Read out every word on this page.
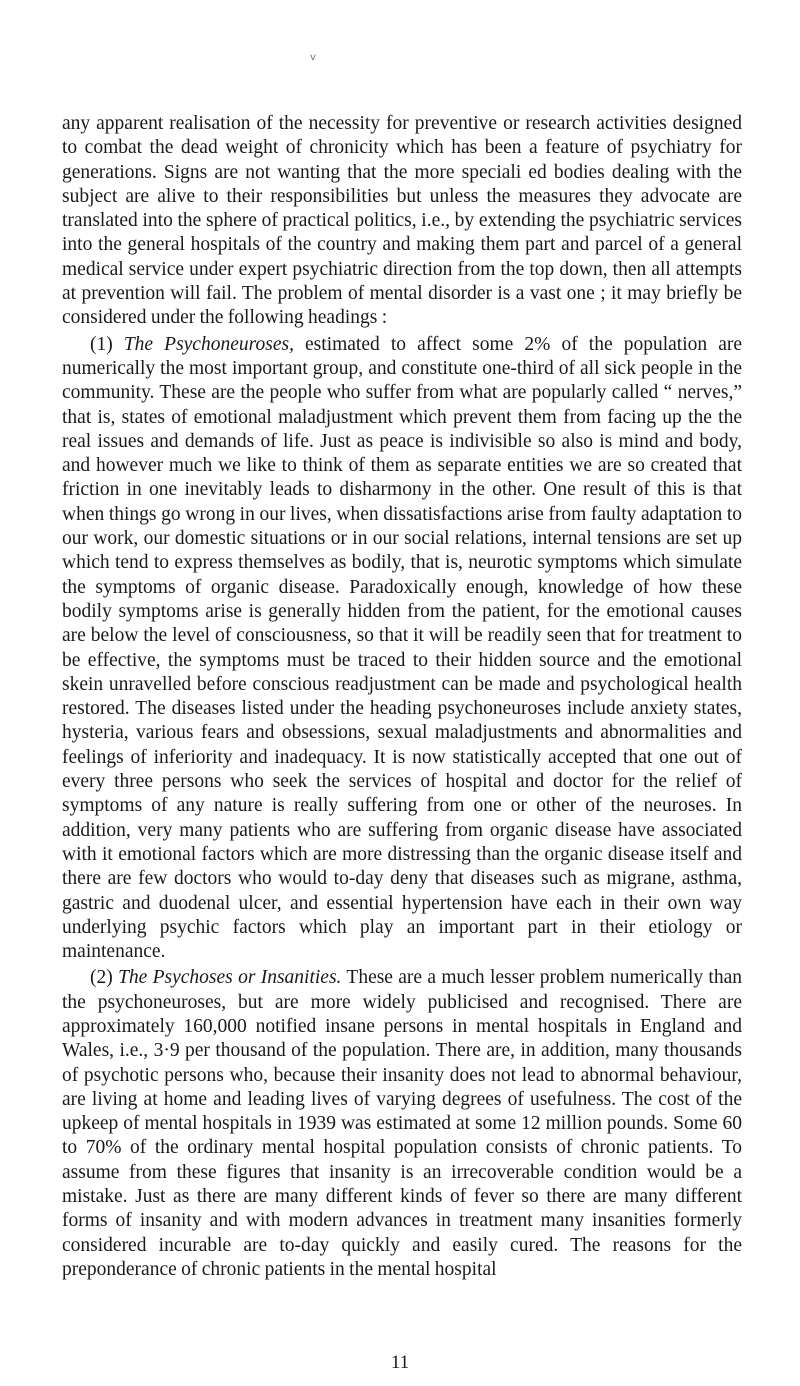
v

any apparent realisation of the necessity for preventive or research activities designed to combat the dead weight of chronicity which has been a feature of psychiatry for generations. Signs are not wanting that the more speciali ed bodies dealing with the subject are alive to their responsibilities but unless the measures they advocate are translated into the sphere of practical politics, i.e., by extending the psychiatric services into the general hospitals of the country and making them part and parcel of a general medical service under expert psychiatric direction from the top down, then all attempts at prevention will fail. The problem of mental disorder is a vast one ; it may briefly be considered under the following headings :

(1) The Psychoneuroses, estimated to affect some 2% of the population are numerically the most important group, and constitute one-third of all sick people in the community. These are the people who suffer from what are popularly called “ nerves,” that is, states of emotional maladjustment which prevent them from facing up the the real issues and demands of life. Just as peace is indivisible so also is mind and body, and however much we like to think of them as separate entities we are so created that friction in one inevitably leads to disharmony in the other. One result of this is that when things go wrong in our lives, when dissatisfactions arise from faulty adaptation to our work, our domestic situations or in our social relations, internal tensions are set up which tend to express themselves as bodily, that is, neurotic symptoms which simulate the symptoms of organic disease. Paradoxically enough, knowledge of how these bodily symptoms arise is generally hidden from the patient, for the emotional causes are below the level of consciousness, so that it will be readily seen that for treatment to be effective, the symptoms must be traced to their hidden source and the emotional skein unravelled before conscious readjustment can be made and psychological health restored. The diseases listed under the heading psychoneuroses include anxiety states, hysteria, various fears and obsessions, sexual maladjustments and abnormalities and feelings of inferiority and inadequacy. It is now statistically accepted that one out of every three persons who seek the services of hospital and doctor for the relief of symptoms of any nature is really suffering from one or other of the neuroses. In addition, very many patients who are suffering from organic disease have associated with it emotional factors which are more distressing than the organic disease itself and there are few doctors who would to-day deny that diseases such as migrane, asthma, gastric and duodenal ulcer, and essential hypertension have each in their own way underlying psychic factors which play an important part in their etiology or maintenance.

(2) The Psychoses or Insanities. These are a much lesser problem numerically than the psychoneuroses, but are more widely publicised and recognised. There are approximately 160,000 notified insane persons in mental hospitals in England and Wales, i.e., 3·9 per thousand of the population. There are, in addition, many thousands of psychotic persons who, because their insanity does not lead to abnormal behaviour, are living at home and leading lives of varying degrees of usefulness. The cost of the upkeep of mental hospitals in 1939 was estimated at some 12 million pounds. Some 60 to 70% of the ordinary mental hospital population consists of chronic patients. To assume from these figures that insanity is an irrecoverable condition would be a mistake. Just as there are many different kinds of fever so there are many different forms of insanity and with modern advances in treatment many insanities formerly considered incurable are to-day quickly and easily cured. The reasons for the preponderance of chronic patients in the mental hospital

11
